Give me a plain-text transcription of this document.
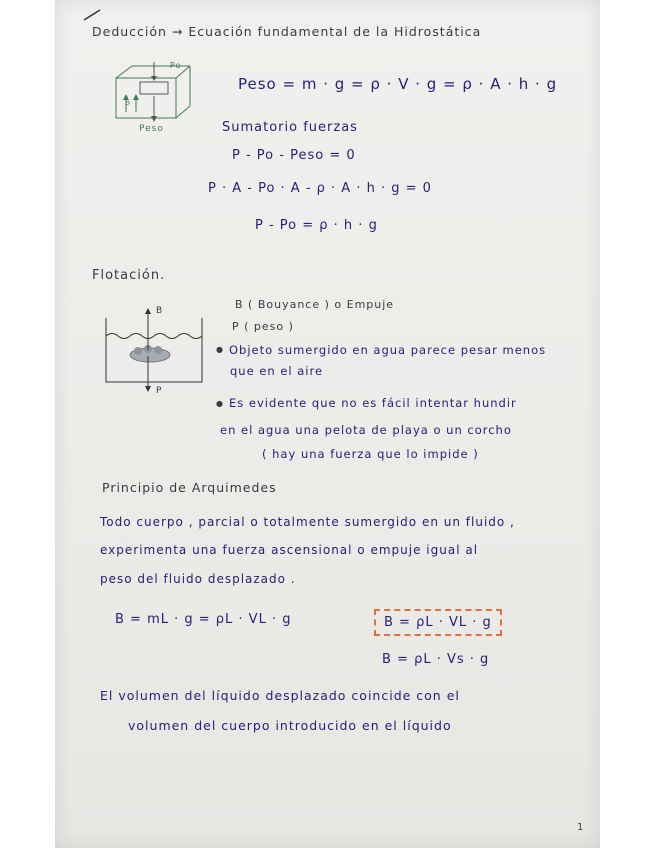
Deducción → Ecuación fundamental de la Hidrostática
Po
P
Peso
Peso = m · g = ρ · V · g = ρ · A · h · g
Sumatorio fuerzas
P - Po - Peso = 0
P · A - Po · A - ρ · A · h · g = 0
P - Po = ρ · h · g
Flotación.
B
P
B ( Bouyance ) o Empuje
P ( peso )
● Objeto sumergido en agua parece pesar menos
que en el aire
● Es evidente que no es fácil intentar hundir
en el agua una pelota de playa o un corcho
( hay una fuerza que lo impide )
Principio de Arquimedes
Todo cuerpo , parcial o totalmente sumergido en un fluido ,
experimenta una fuerza ascensional o empuje igual al
peso del fluido desplazado .
B = mL · g = ρL · VL · g	B = ρL · VL · g
B = ρL · Vs · g
El volumen del líquido desplazado coincide con el
volumen del cuerpo introducido en el líquido
1
